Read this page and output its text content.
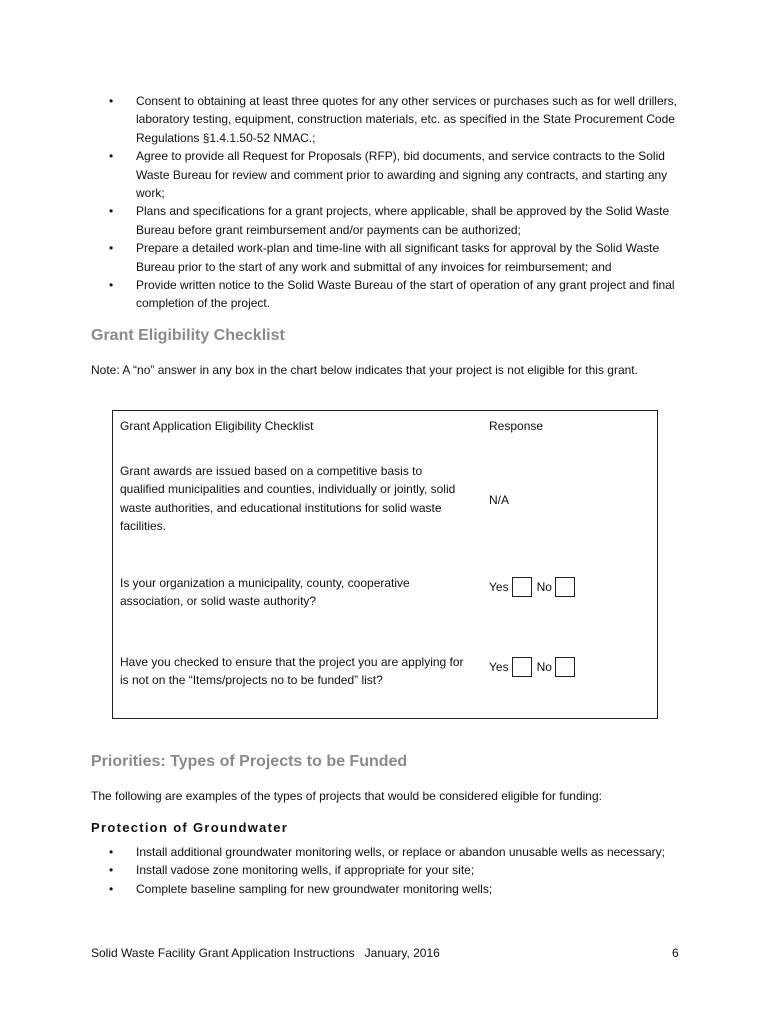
• Consent to obtaining at least three quotes for any other services or purchases such as for well drillers, laboratory testing, equipment, construction materials, etc. as specified in the State Procurement Code Regulations §1.4.1.50-52 NMAC.;
• Agree to provide all Request for Proposals (RFP), bid documents, and service contracts to the Solid Waste Bureau for review and comment prior to awarding and signing any contracts, and starting any work;
• Plans and specifications for a grant projects, where applicable, shall be approved by the Solid Waste Bureau before grant reimbursement and/or payments can be authorized;
• Prepare a detailed work-plan and time-line with all significant tasks for approval by the Solid Waste Bureau prior to the start of any work and submittal of any invoices for reimbursement; and
• Provide written notice to the Solid Waste Bureau of the start of operation of any grant project and final completion of the project.
Grant Eligibility Checklist

Note: A “no” answer in any box in the chart below indicates that your project is not eligible for this grant.

Grant Application Eligibility Checklist	Response

Grant awards are issued based on a competitive basis to qualified municipalities and counties, individually or jointly, solid waste authorities, and educational institutions for solid waste facilities.

N/A

Is your organization a municipality, county, cooperative association, or solid waste authority?

Yes No

Have you checked to ensure that the project you are applying for is not on the “Items/projects no to be funded” list?

Yes No
Priorities: Types of Projects to be Funded

The following are examples of the types of projects that would be considered eligible for funding:

Protection of Groundwater
• Install additional groundwater monitoring wells, or replace or abandon unusable wells as necessary;
• Install vadose zone monitoring wells, if appropriate for your site;
• Complete baseline sampling for new groundwater monitoring wells;

Solid Waste Facility Grant Application Instructions   January, 2016	6
